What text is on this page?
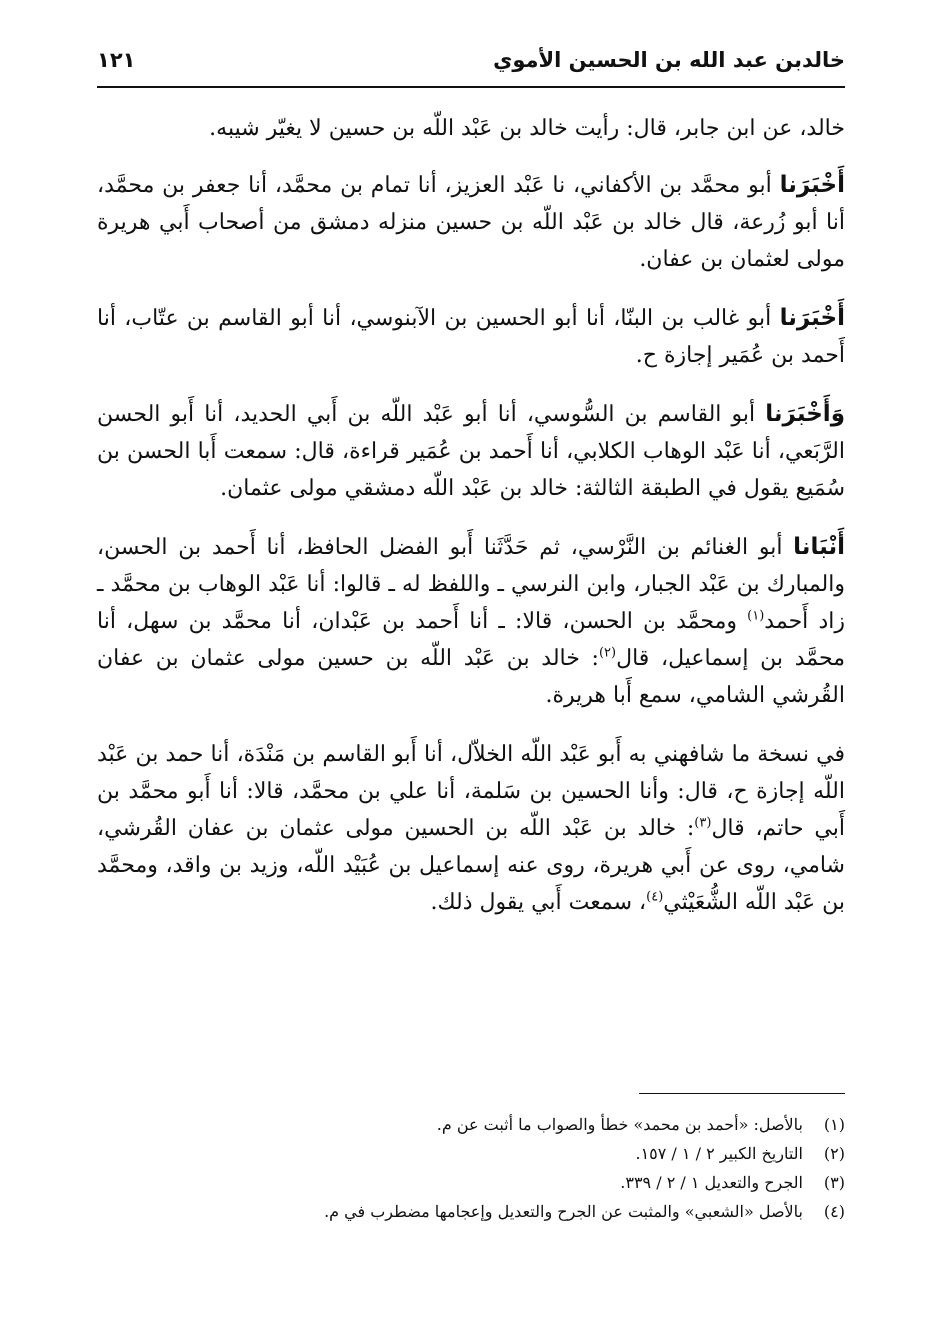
خالدبن عبد الله بن الحسين الأموي
١٢١

خالد، عن ابن جابر، قال: رأيت خالد بن عَبْد اللّه بن حسين لا يغيّر شيبه.

أَخْبَرَنا أبو محمَّد بن الأكفاني، نا عَبْد العزيز، أنا تمام بن محمَّد، أنا جعفر بن محمَّد، أنا أبو زُرعة، قال خالد بن عَبْد اللّه بن حسين منزله دمشق من أصحاب أَبي هريرة مولى لعثمان بن عفان.

أَخْبَرَنا أبو غالب بن البنّا، أنا أبو الحسين بن الآبنوسي، أنا أبو القاسم بن عتّاب، أنا أَحمد بن عُمَير إجازة ح.

وَأَخْبَرَنا أبو القاسم بن السُّوسي، أنا أبو عَبْد اللّه بن أَبي الحديد، أنا أَبو الحسن الرَّبَعي، أنا عَبْد الوهاب الكلابي، أنا أَحمد بن عُمَير قراءة، قال: سمعت أَبا الحسن بن سُمَيع يقول في الطبقة الثالثة: خالد بن عَبْد اللّه دمشقي مولى عثمان.

أَنْبَانا أبو الغنائم بن النَّرْسي، ثم حَدَّثَنا أَبو الفضل الحافظ، أنا أَحمد بن الحسن، والمبارك بن عَبْد الجبار، وابن النرسي ـ واللفظ له ـ قالوا: أنا عَبْد الوهاب بن محمَّد ـ زاد أَحمد$^{(١)}$ ومحمَّد بن الحسن، قالا: ـ أنا أَحمد بن عَبْدان، أنا محمَّد بن سهل، أنا محمَّد بن إسماعيل، قال$^{(٢)}$: خالد بن عَبْد اللّه بن حسين مولى عثمان بن عفان القُرشي الشامي، سمع أَبا هريرة.

في نسخة ما شافهني به أَبو عَبْد اللّه الخلاّل، أنا أَبو القاسم بن مَنْدَة، أنا حمد بن عَبْد اللّه إجازة ح، قال: وأنا الحسين بن سَلمة، أنا علي بن محمَّد، قالا: أنا أَبو محمَّد بن أَبي حاتم، قال$^{(٣)}$: خالد بن عَبْد اللّه بن الحسين مولى عثمان بن عفان القُرشي، شامي، روى عن أَبي هريرة، روى عنه إسماعيل بن عُبَيْد اللّه، وزيد بن واقد، ومحمَّد بن عَبْد اللّه الشُّعَيْثي$^{(٤)}$، سمعت أَبي يقول ذلك.

(١)
بالأصل: «أحمد بن محمد» خطأ والصواب ما أثبت عن م.
(٢)
التاريخ الكبير ٢ / ١ / ١٥٧.
(٣)
الجرح والتعديل ١ / ٢ / ٣٣٩.
(٤)
بالأصل «الشعبي» والمثبت عن الجرح والتعديل وإعجامها مضطرب في م.
